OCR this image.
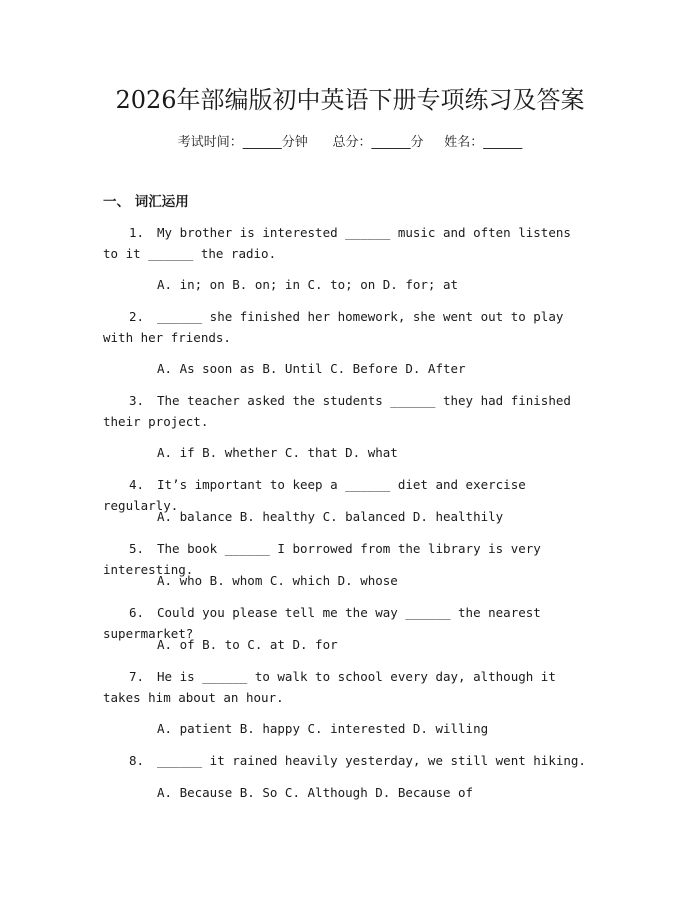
2026年部编版初中英语下册专项练习及答案
考试时间：______分钟      总分：______分     姓名：______
一、 词汇运用
1. My brother is interested ______ music and often listens to it ______ the radio.
A. in; on B. on; in C. to; on D. for; at
2. ______ she finished her homework, she went out to play with her friends.
A. As soon as B. Until C. Before D. After
3. The teacher asked the students ______ they had finished their project.
A. if B. whether C. that D. what
4. It’s important to keep a ______ diet and exercise regularly.
A. balance B. healthy C. balanced D. healthily
5. The book ______ I borrowed from the library is very interesting.
A. who B. whom C. which D. whose
6. Could you please tell me the way ______ the nearest supermarket?
A. of B. to C. at D. for
7. He is ______ to walk to school every day, although it takes him about an hour.
A. patient B. happy C. interested D. willing
8. ______ it rained heavily yesterday, we still went hiking.
A. Because B. So C. Although D. Because of
